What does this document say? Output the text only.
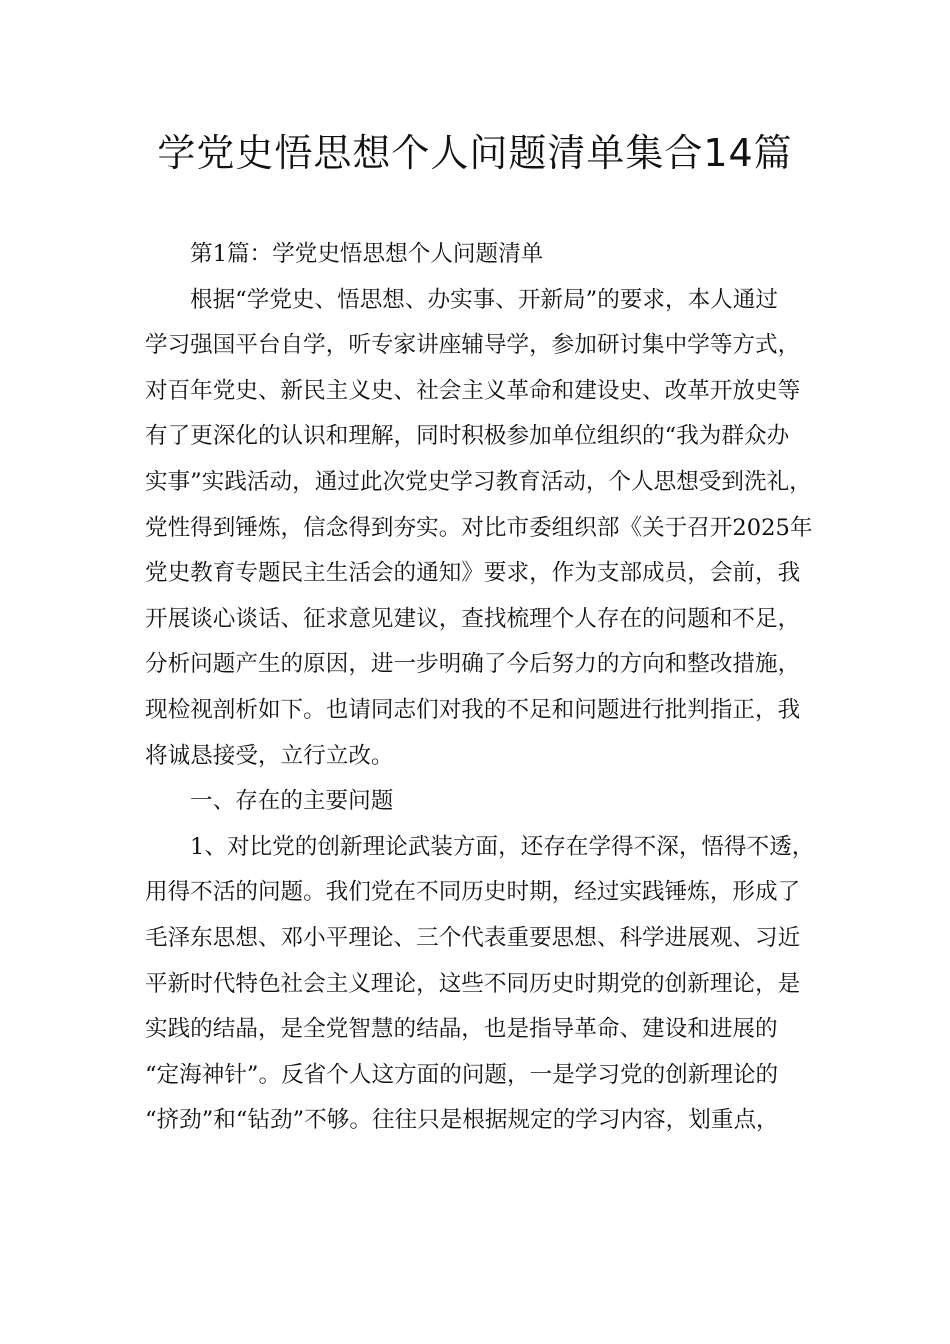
学党史悟思想个人问题清单集合14篇
第1篇：学党史悟思想个人问题清单
根据“学党史、悟思想、办实事、开新局”的要求，本人通过
学习强国平台自学，听专家讲座辅导学，参加研讨集中学等方式，
对百年党史、新民主义史、社会主义革命和建设史、改革开放史等
有了更深化的认识和理解，同时积极参加单位组织的“我为群众办
实事”实践活动，通过此次党史学习教育活动，个人思想受到洗礼，
党性得到锤炼，信念得到夯实。对比市委组织部《关于召开2025年
党史教育专题民主生活会的通知》要求，作为支部成员，会前，我
开展谈心谈话、征求意见建议，查找梳理个人存在的问题和不足，
分析问题产生的原因，进一步明确了今后努力的方向和整改措施，
现检视剖析如下。也请同志们对我的不足和问题进行批判指正，我
将诚恳接受，立行立改。
一、存在的主要问题
1、对比党的创新理论武装方面，还存在学得不深，悟得不透，
用得不活的问题。我们党在不同历史时期，经过实践锤炼，形成了
毛泽东思想、邓小平理论、三个代表重要思想、科学进展观、习近
平新时代特色社会主义理论，这些不同历史时期党的创新理论，是
实践的结晶，是全党智慧的结晶，也是指导革命、建设和进展的
“定海神针”。反省个人这方面的问题，一是学习党的创新理论的
“挤劲”和“钻劲”不够。往往只是根据规定的学习内容，划重点，
